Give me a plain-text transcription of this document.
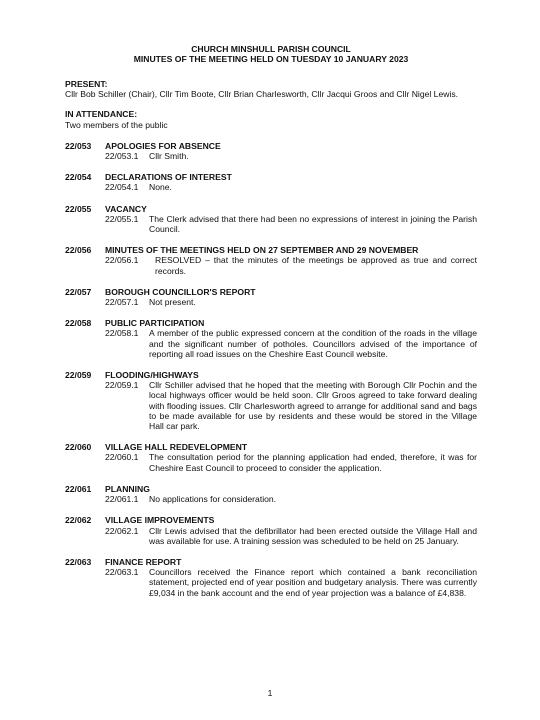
CHURCH MINSHULL PARISH COUNCIL
MINUTES OF THE MEETING HELD ON TUESDAY 10 JANUARY 2023
PRESENT:
Cllr Bob Schiller (Chair), Cllr Tim Boote, Cllr Brian Charlesworth, Cllr Jacqui Groos and Cllr Nigel Lewis.
IN ATTENDANCE:
Two members of the public
22/053	APOLOGIES FOR ABSENCE
22/053.1	Cllr Smith.
22/054	DECLARATIONS OF INTEREST
22/054.1	None.
22/055	VACANCY
22/055.1	The Clerk advised that there had been no expressions of interest in joining the Parish Council.
22/056	MINUTES OF THE MEETINGS HELD ON 27 SEPTEMBER AND 29 NOVEMBER
22/056.1	RESOLVED – that the minutes of the meetings be approved as true and correct records.
22/057	BOROUGH COUNCILLOR'S REPORT
22/057.1	Not present.
22/058	PUBLIC PARTICIPATION
22/058.1	A member of the public expressed concern at the condition of the roads in the village and the significant number of potholes. Councillors advised of the importance of reporting all road issues on the Cheshire East Council website.
22/059	FLOODING/HIGHWAYS
22/059.1	Cllr Schiller advised that he hoped that the meeting with Borough Cllr Pochin and the local highways officer would be held soon. Cllr Groos agreed to take forward dealing with flooding issues. Cllr Charlesworth agreed to arrange for additional sand and bags to be made available for use by residents and these would be stored in the Village Hall car park.
22/060	VILLAGE HALL REDEVELOPMENT
22/060.1	The consultation period for the planning application had ended, therefore, it was for Cheshire East Council to proceed to consider the application.
22/061	PLANNING
22/061.1	No applications for consideration.
22/062	VILLAGE IMPROVEMENTS
22/062.1	Cllr Lewis advised that the defibrillator had been erected outside the Village Hall and was available for use. A training session was scheduled to be held on 25 January.
22/063	FINANCE REPORT
22/063.1	Councillors received the Finance report which contained a bank reconciliation statement, projected end of year position and budgetary analysis. There was currently £9,034 in the bank account and the end of year projection was a balance of £4,838.
1
